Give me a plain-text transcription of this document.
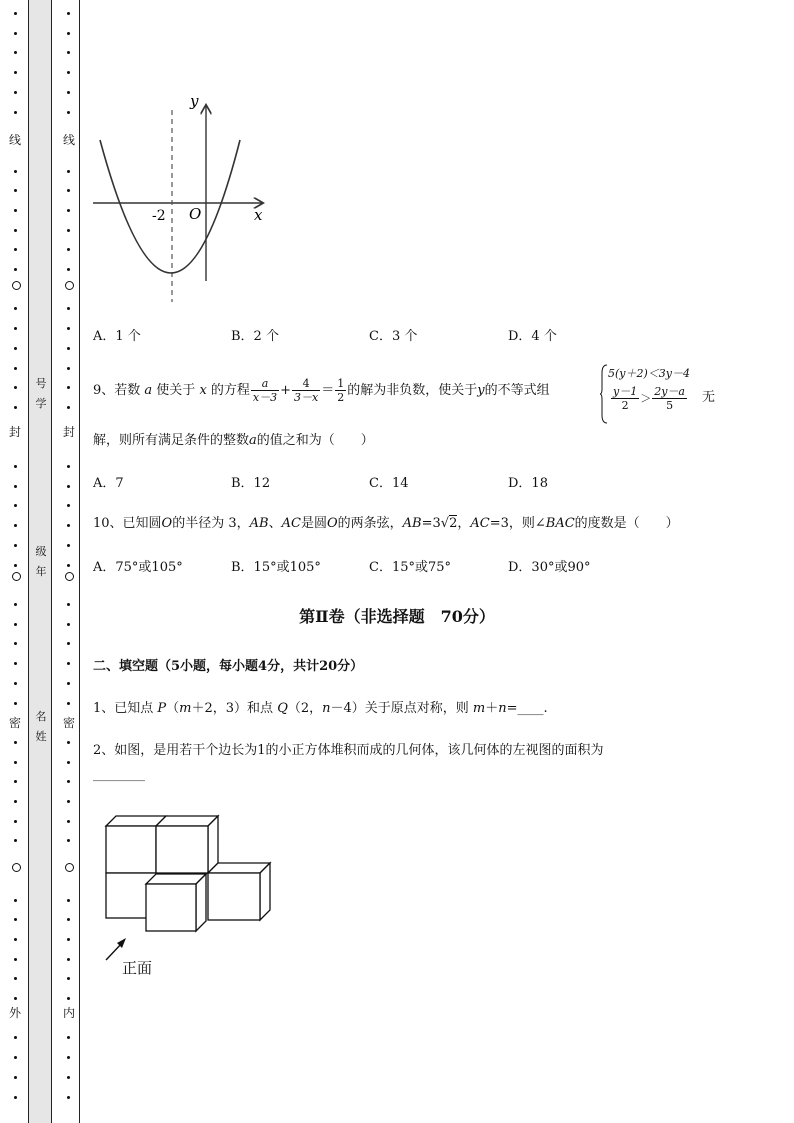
线
封
密
外
线
封
密
内
号
学
级
年
名
姓
y
x
-2 O
A．1 个	B．2 个	C．3 个	D．4 个
9、若数 a 使关于 x 的方程 $\frac{a}{x-3} + \frac{4}{3-x} = \frac{1}{2}$ 的解为非负数，使关于y的不等式组
5(y＋2)＜3y－4
$\frac{y-1}{2} > \frac{2y-a}{5}$ 无
解，则所有满足条件的整数a的值之和为（　　）
A．7	B．12	C．14	D．18
10、已知圆O的半径为 3，AB、AC是圆O的两条弦，AB=3√2，AC=3，则∠BAC的度数是（　　）
A．75°或105°	B．15°或105°	C．15°或75°	D．30°或90°
第Ⅱ卷（非选择题　70分）
二、填空题（5小题，每小题4分，共计20分）
1、已知点 P（m＋2，3）和点 Q（2，n－4）关于原点对称，则 m＋n=____.
2、如图，是用若干个边长为1的小正方体堆积而成的几何体，该几何体的左视图的面积为
________
正面
